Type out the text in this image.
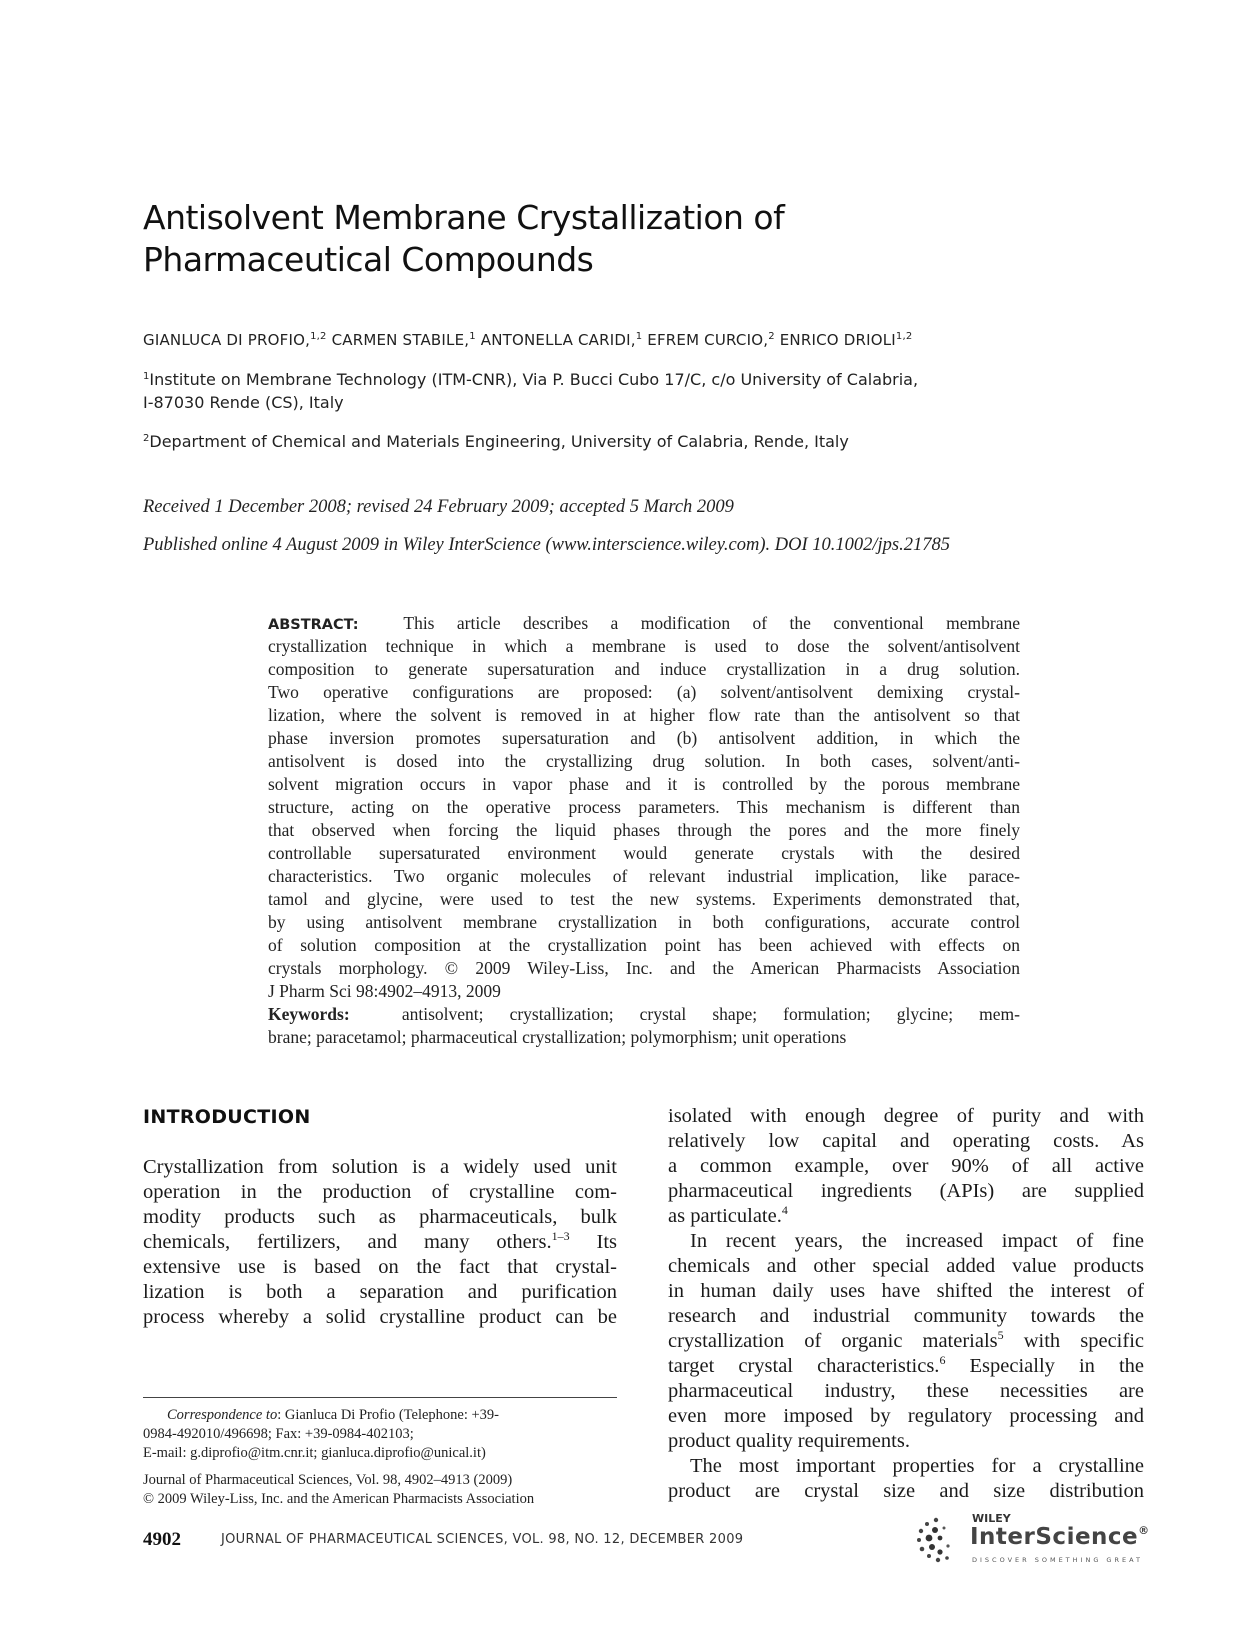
Antisolvent Membrane Crystallization of
Pharmaceutical Compounds
GIANLUCA DI PROFIO,$^{1,2}$ CARMEN STABILE,$^1$ ANTONELLA CARIDI,$^1$ EFREM CURCIO,$^2$ ENRICO DRIOLI$^{1,2}$
$^1$Institute on Membrane Technology (ITM-CNR), Via P. Bucci Cubo 17/C, c/o University of Calabria,
I-87030 Rende (CS), Italy
$^2$Department of Chemical and Materials Engineering, University of Calabria, Rende, Italy
Received 1 December 2008; revised 24 February 2009; accepted 5 March 2009
Published online 4 August 2009 in Wiley InterScience (www.interscience.wiley.com). DOI 10.1002/jps.21785
ABSTRACT:	This article describes a modification of the conventional membrane
crystallization technique in which a membrane is used to dose the solvent/antisolvent
composition to generate supersaturation and induce crystallization in a drug solution.
Two operative configurations are proposed: (a) solvent/antisolvent demixing crystal-
lization, where the solvent is removed in at higher flow rate than the antisolvent so that
phase inversion promotes supersaturation and (b) antisolvent addition, in which the
antisolvent is dosed into the crystallizing drug solution. In both cases, solvent/anti-
solvent migration occurs in vapor phase and it is controlled by the porous membrane
structure, acting on the operative process parameters. This mechanism is different than
that observed when forcing the liquid phases through the pores and the more finely
controllable supersaturated environment would generate crystals with the desired
characteristics. Two organic molecules of relevant industrial implication, like parace-
tamol and glycine, were used to test the new systems. Experiments demonstrated that,
by using antisolvent membrane crystallization in both configurations, accurate control
of solution composition at the crystallization point has been achieved with effects on
crystals morphology. © 2009 Wiley-Liss, Inc. and the American Pharmacists Association
J Pharm Sci 98:4902–4913, 2009
Keywords:	antisolvent; crystallization; crystal shape; formulation; glycine; mem-
brane; paracetamol; pharmaceutical crystallization; polymorphism; unit operations
INTRODUCTION
Crystallization from solution is a widely used unit
operation in the production of crystalline com-
modity products such as pharmaceuticals, bulk
chemicals, fertilizers, and many others.$^{1-3}$ Its
extensive use is based on the fact that crystal-
lization is both a separation and purification
process whereby a solid crystalline product can be
Correspondence to: Gianluca Di Profio (Telephone: +39-
0984-492010/496698; Fax: +39-0984-402103;
E-mail: g.diprofio@itm.cnr.it; gianluca.diprofio@unical.it)
Journal of Pharmaceutical Sciences, Vol. 98, 4902–4913 (2009)
© 2009 Wiley-Liss, Inc. and the American Pharmacists Association
isolated with enough degree of purity and with
relatively low capital and operating costs. As
a common example, over 90% of all active
pharmaceutical ingredients (APIs) are supplied
as particulate.$^4$
In recent years, the increased impact of fine
chemicals and other special added value products
in human daily uses have shifted the interest of
research and industrial community towards the
crystallization of organic materials$^5$ with specific
target crystal characteristics.$^6$ Especially in the
pharmaceutical industry, these necessities are
even more imposed by regulatory processing and
product quality requirements.
The most important properties for a crystalline
product are crystal size and size distribution
4902	JOURNAL OF PHARMACEUTICAL SCIENCES, VOL. 98, NO. 12, DECEMBER 2009
WILEY
InterScience®
DISCOVER SOMETHING GREAT
